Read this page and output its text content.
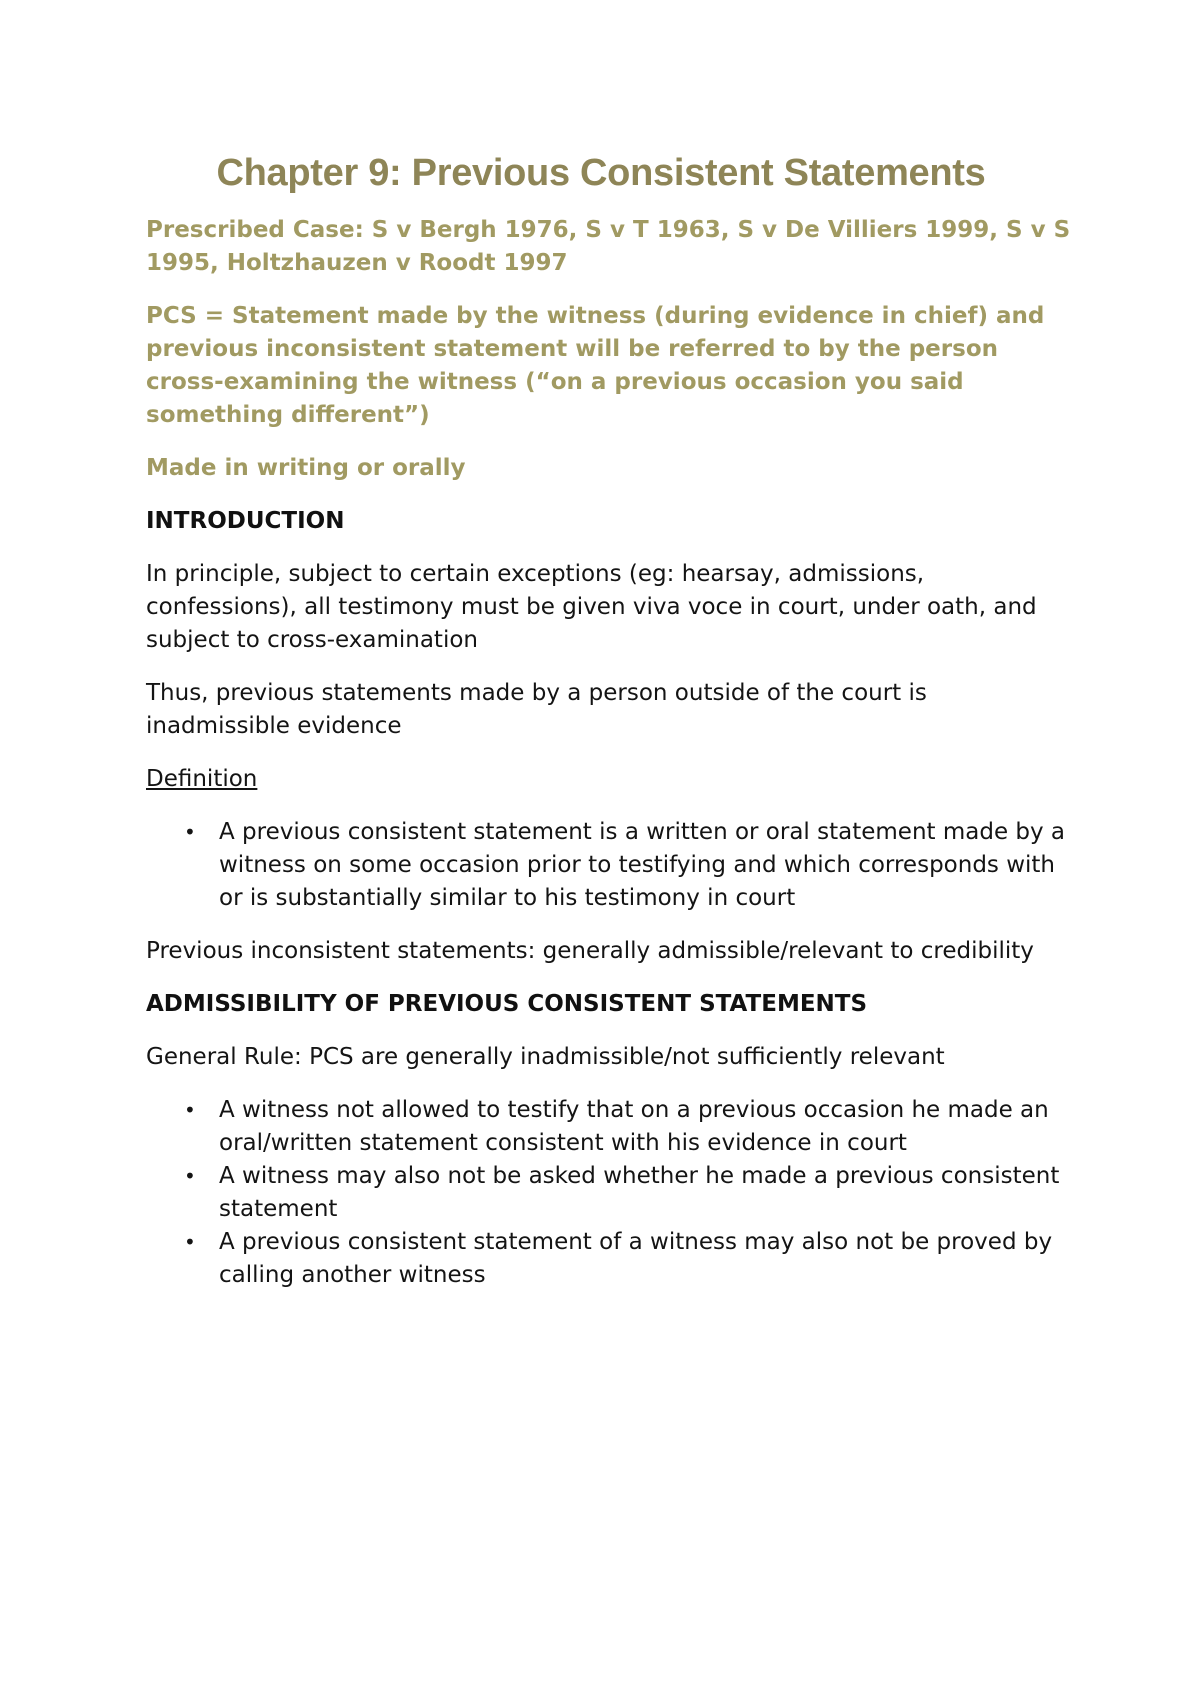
Chapter 9: Previous Consistent Statements

Prescribed Case: S v Bergh 1976, S v T 1963, S v De Villiers 1999, S v S 1995, Holtzhauzen v Roodt 1997

PCS = Statement made by the witness (during evidence in chief) and previous inconsistent statement will be referred to by the person cross-examining the witness (“on a previous occasion you said something different”)

Made in writing or orally

INTRODUCTION

In principle, subject to certain exceptions (eg: hearsay, admissions, confessions), all testimony must be given viva voce in court, under oath, and subject to cross-examination

Thus, previous statements made by a person outside of the court is inadmissible evidence

Definition

• A previous consistent statement is a written or oral statement made by a witness on some occasion prior to testifying and which corresponds with or is substantially similar to his testimony in court

Previous inconsistent statements: generally admissible/relevant to credibility

ADMISSIBILITY OF PREVIOUS CONSISTENT STATEMENTS

General Rule: PCS are generally inadmissible/not sufficiently relevant

• A witness not allowed to testify that on a previous occasion he made an oral/written statement consistent with his evidence in court
• A witness may also not be asked whether he made a previous consistent statement
• A previous consistent statement of a witness may also not be proved by calling another witness
